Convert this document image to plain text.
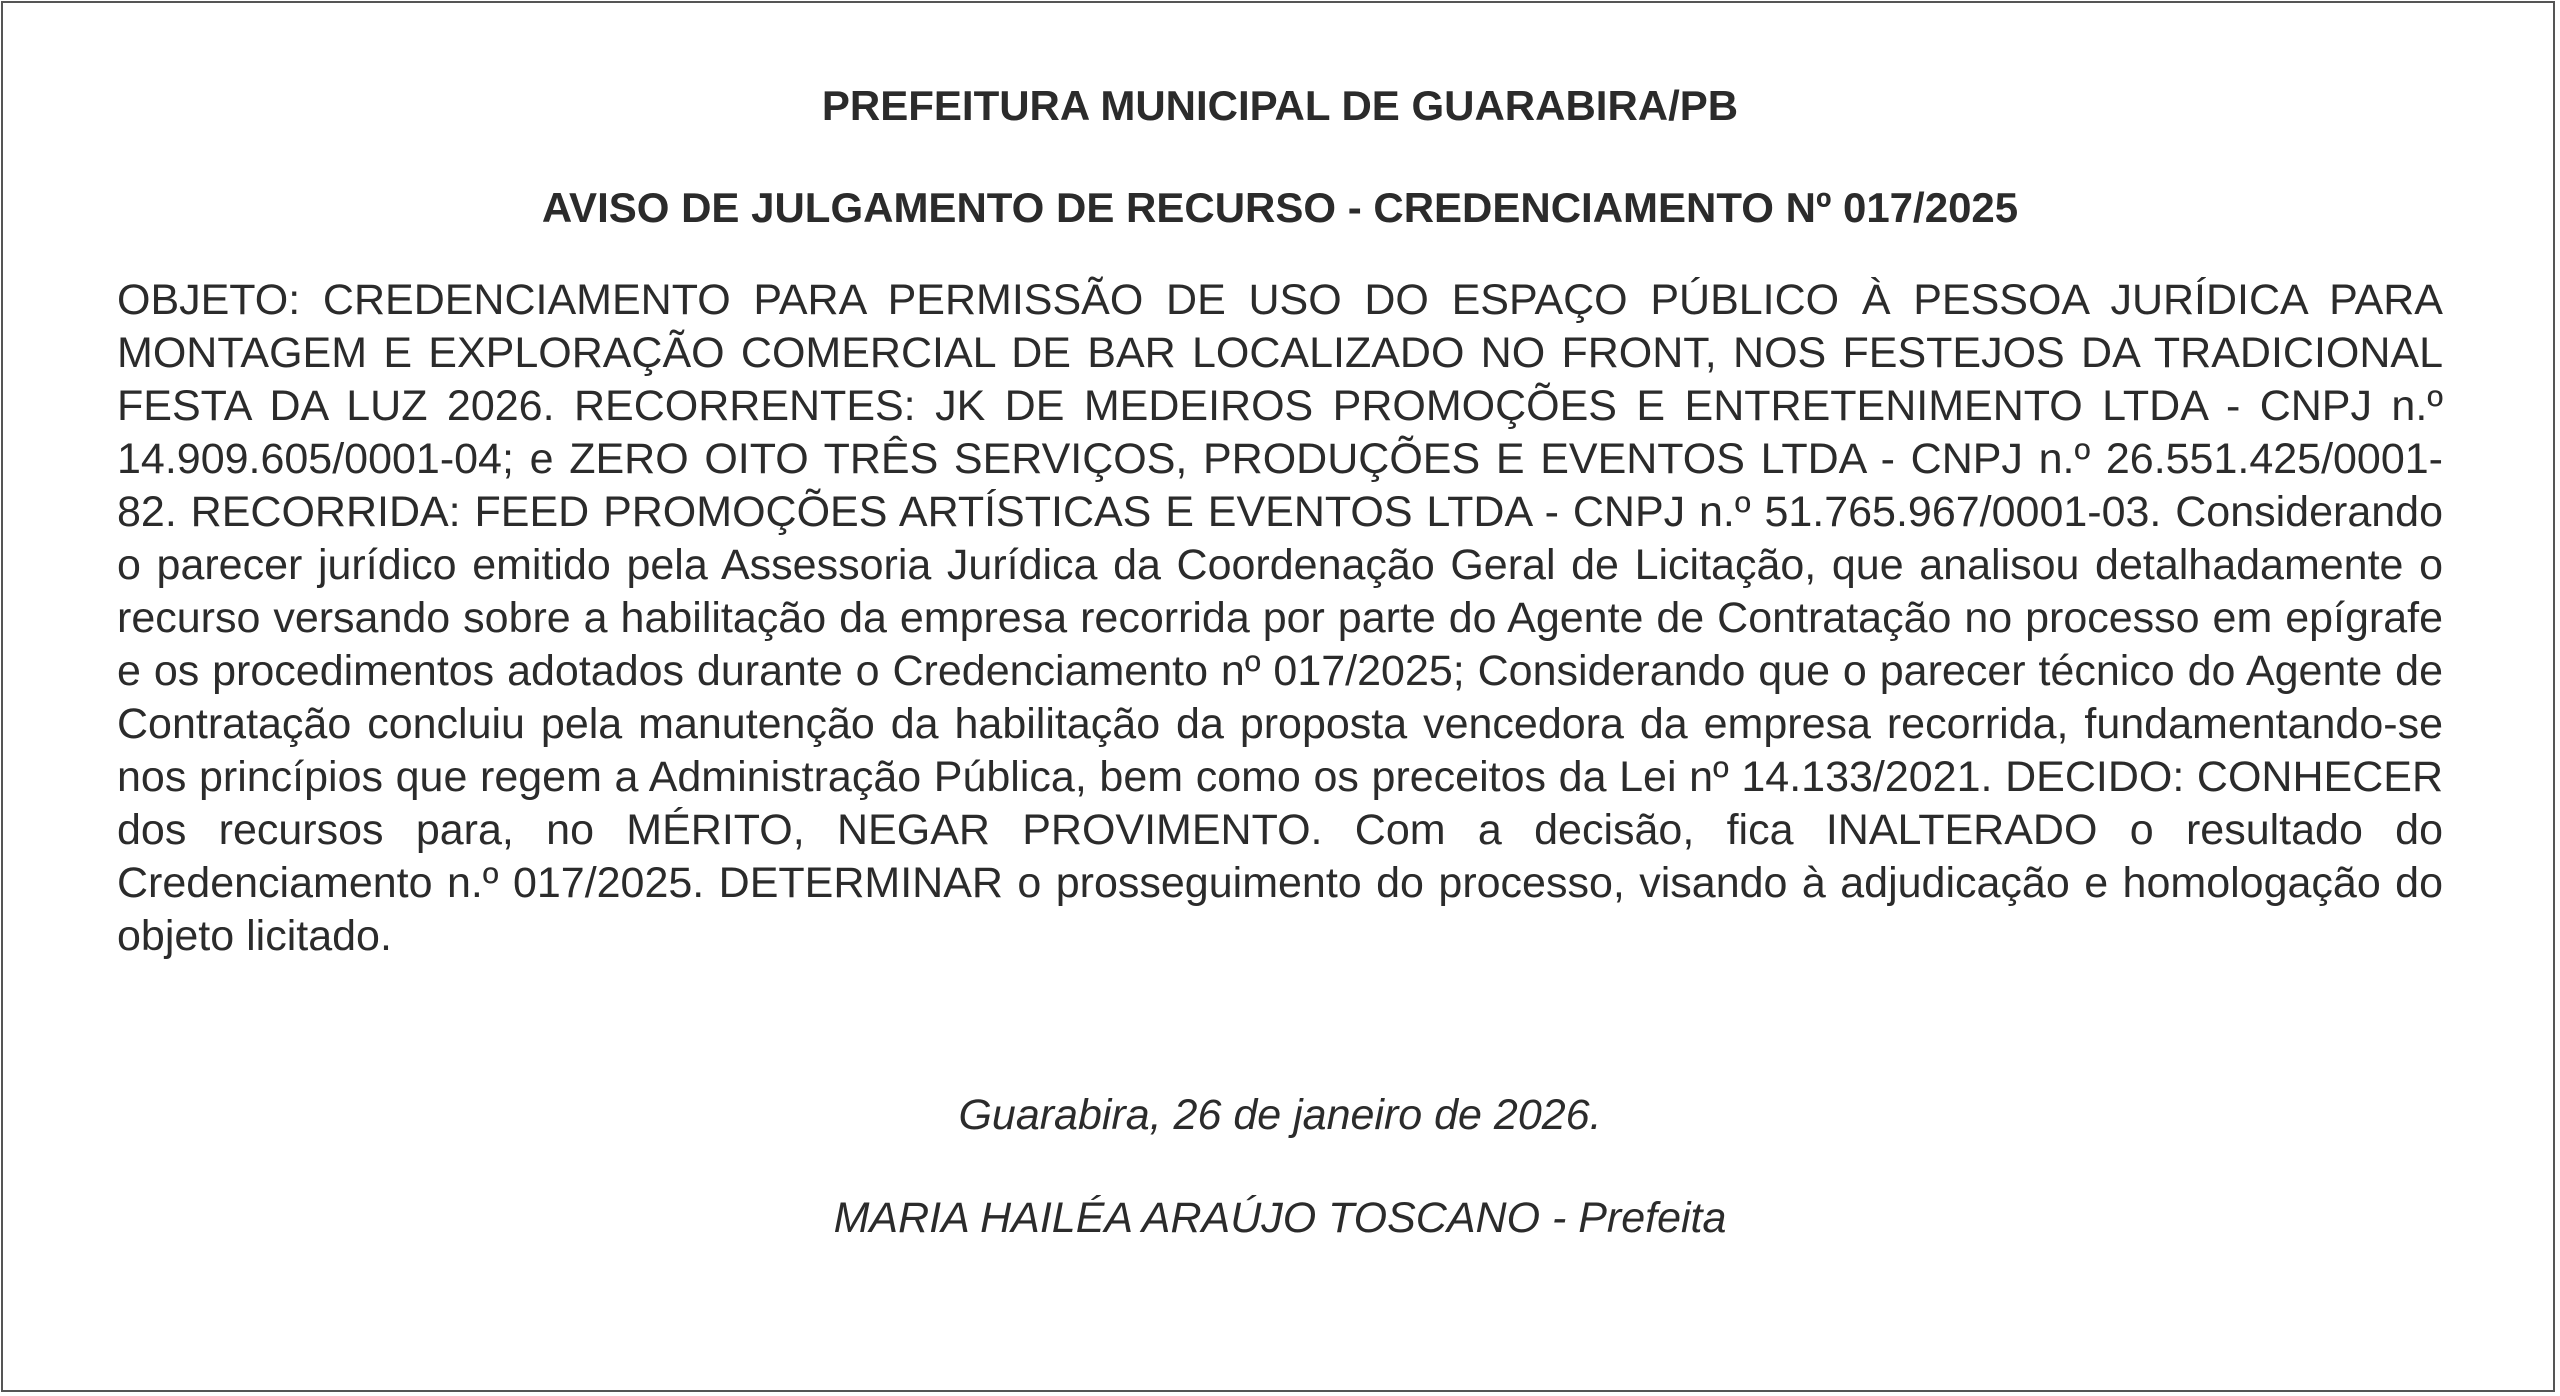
PREFEITURA MUNICIPAL DE GUARABIRA/PB
AVISO DE JULGAMENTO DE RECURSO - CREDENCIAMENTO Nº 017/2025

OBJETO: CREDENCIAMENTO PARA PERMISSÃO DE USO DO ESPAÇO PÚBLICO À PESSOA JURÍDICA PARA MONTAGEM E EXPLORAÇÃO COMERCIAL DE BAR LOCALIZADO NO FRONT, NOS FESTEJOS DA TRADICIONAL FESTA DA LUZ 2026. RECORRENTES: JK DE MEDEIROS PROMOÇÕES E ENTRETENIMENTO LTDA - CNPJ n.º 14.909.605/0001-04; e ZERO OITO TRÊS SERVIÇOS, PRODUÇÕES E EVENTOS LTDA - CNPJ n.º 26.551.425/0001-82. RECORRIDA: FEED PROMOÇÕES ARTÍSTICAS E EVENTOS LTDA - CNPJ n.º 51.765.967/0001-03. Considerando o parecer jurídico emitido pela Assessoria Jurídica da Coordenação Geral de Licitação, que analisou detalhadamente o recurso versando sobre a habilitação da empresa recorrida por parte do Agente de Contratação no processo em epígrafe e os procedimentos adotados durante o Credenciamento nº 017/2025; Considerando que o parecer técnico do Agente de Contratação concluiu pela manutenção da habilitação da proposta vencedora da empresa recorrida, fundamentando-se nos princípios que regem a Administração Pública, bem como os preceitos da Lei nº 14.133/2021. DECIDO: CONHECER dos recursos para, no MÉRITO, NEGAR PROVIMENTO. Com a decisão, fica INALTERADO o resultado do Credenciamento n.º 017/2025. DETERMINAR o prosseguimento do processo, visando à adjudicação e homologação do objeto licitado.

Guarabira, 26 de janeiro de 2026.

MARIA HAILÉA ARAÚJO TOSCANO - Prefeita
